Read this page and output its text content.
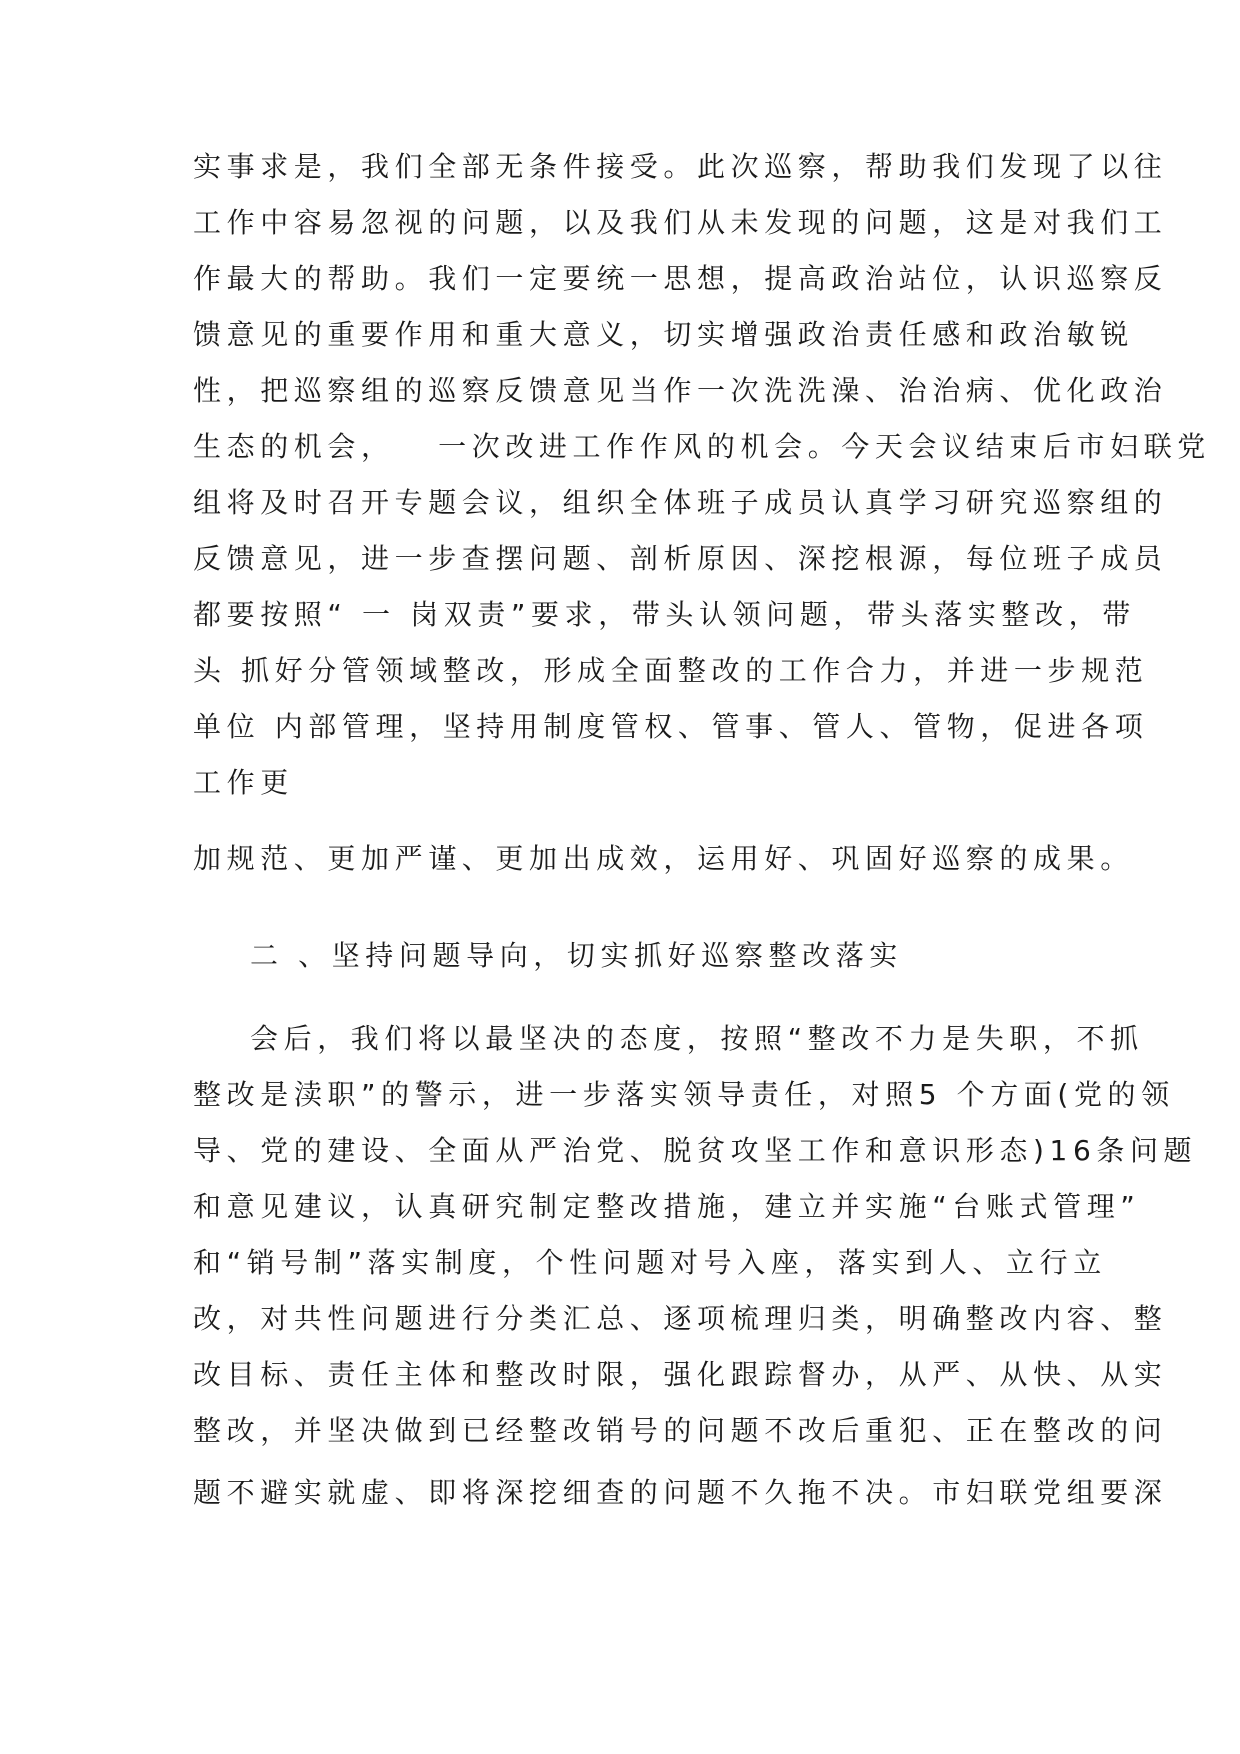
实事求是，我们全部无条件接受。此次巡察，帮助我们发现了以往
工作中容易忽视的问题，以及我们从未发现的问题，这是对我们工
作最大的帮助。我们一定要统一思想，提高政治站位，认识巡察反
馈意见的重要作用和重大意义，切实增强政治责任感和政治敏锐
性，把巡察组的巡察反馈意见当作一次洗洗澡、治治病、优化政治
生态的机会，   一次改进工作作风的机会。今天会议结束后市妇联党
组将及时召开专题会议，组织全体班子成员认真学习研究巡察组的
反馈意见，进一步查摆问题、剖析原因、深挖根源，每位班子成员
都要按照“ 一 岗双责”要求，带头认领问题，带头落实整改，带
头 抓好分管领域整改，形成全面整改的工作合力，并进一步规范
单位 内部管理，坚持用制度管权、管事、管人、管物，促进各项
工作更
加规范、更加严谨、更加出成效，运用好、巩固好巡察的成果。
二 、坚持问题导向，切实抓好巡察整改落实
会后，我们将以最坚决的态度，按照“整改不力是失职，不抓
整改是渎职”的警示，进一步落实领导责任，对照5 个方面(党的领
导、党的建设、全面从严治党、脱贫攻坚工作和意识形态)16条问题
和意见建议，认真研究制定整改措施，建立并实施“台账式管理”
和“销号制”落实制度，个性问题对号入座，落实到人、立行立
改，对共性问题进行分类汇总、逐项梳理归类，明确整改内容、整
改目标、责任主体和整改时限，强化跟踪督办，从严、从快、从实
整改，并坚决做到已经整改销号的问题不改后重犯、正在整改的问
题不避实就虚、即将深挖细查的问题不久拖不决。市妇联党组要深
